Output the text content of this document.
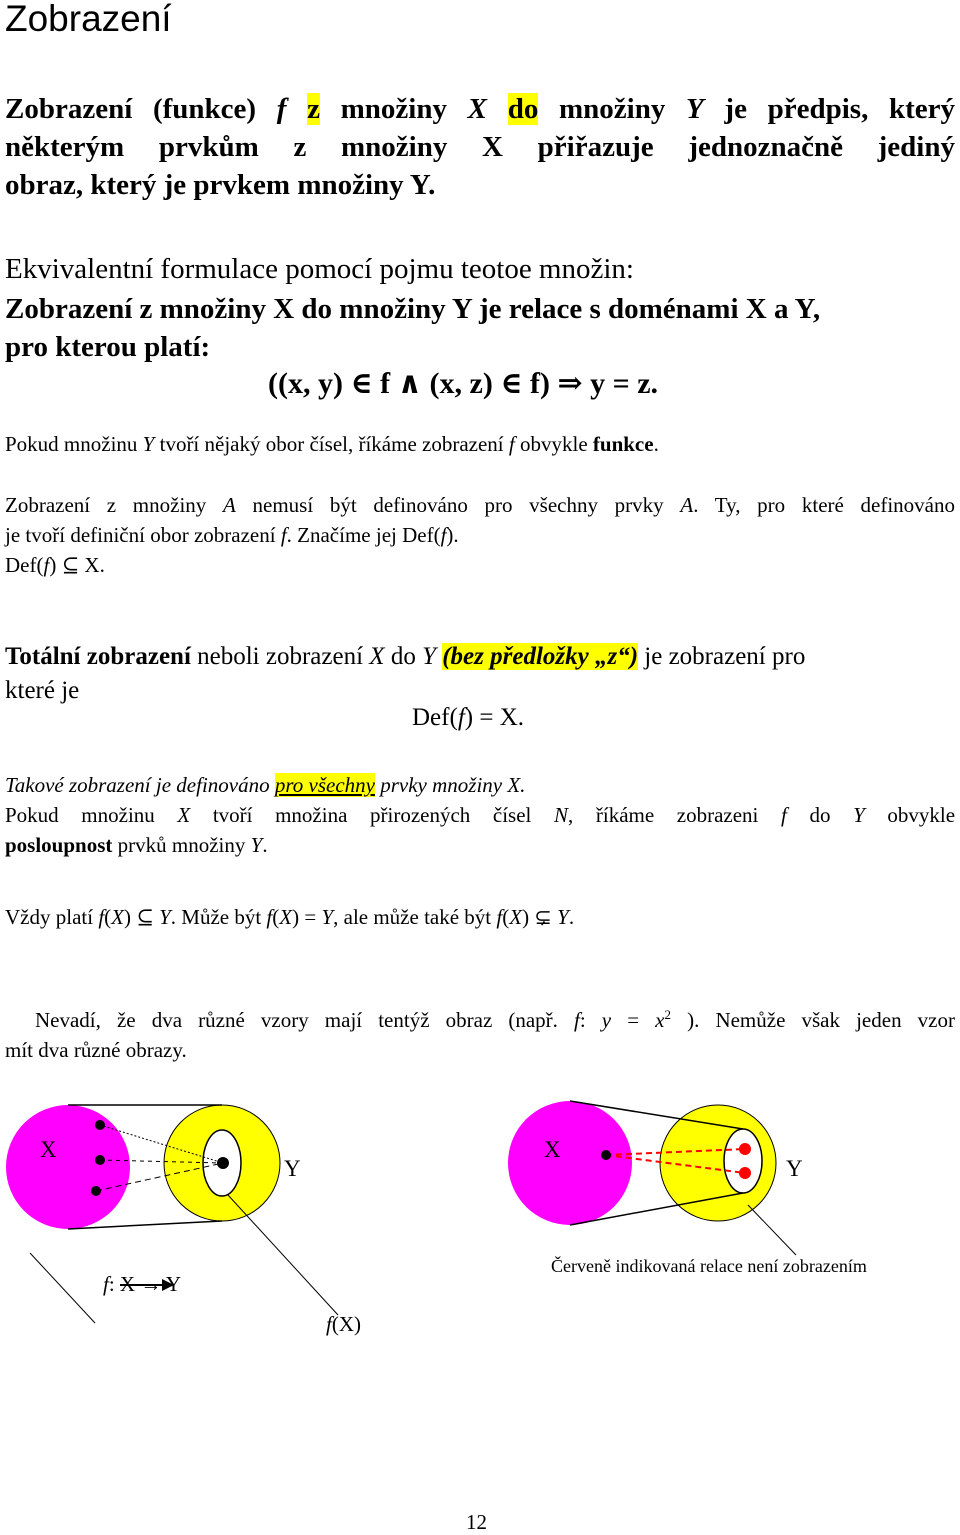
Zobrazení
Zobrazení (funkce) f z množiny X do množiny Y je předpis, který
některým prvkům z množiny X přiřazuje jednoznačně jediný
obraz, který je prvkem množiny Y.
Ekvivalentní formulace pomocí pojmu teotoe množin:
Zobrazení z množiny X do množiny Y je relace s doménami X a Y,
pro kterou platí:
((x, y) ∈ f ∧ (x, z) ∈ f) ⇒ y = z.
Pokud množinu Y tvoří nějaký obor čísel, říkáme zobrazení f obvykle funkce.
Zobrazení z množiny A nemusí být definováno pro všechny prvky A. Ty, pro které definováno
je tvoří definiční obor zobrazení f. Značíme jej Def(f).
Def(f) ⊆ X.
Totální zobrazení neboli zobrazení X do Y (bez předložky „z“) je zobrazení pro
které je
Def(f) = X.
Takové zobrazení je definováno pro všechny prvky množiny X.
Pokud množinu X tvoří množina přirozených čísel N, říkáme zobrazeni f do Y obvykle
posloupnost prvků množiny Y.
Vždy platí f(X) ⊆ Y. Může být f(X) = Y, ale může také být f(X) ⊊ Y.
Nevadí, že dva různé vzory mají tentýž obraz (např. f: $y = x^2$ ). Nemůže však jeden vzor
mít dva různé obrazy.
X
Y
X
Y
f: X → Y
f(X)
Červeně indikovaná relace není zobrazením
12
